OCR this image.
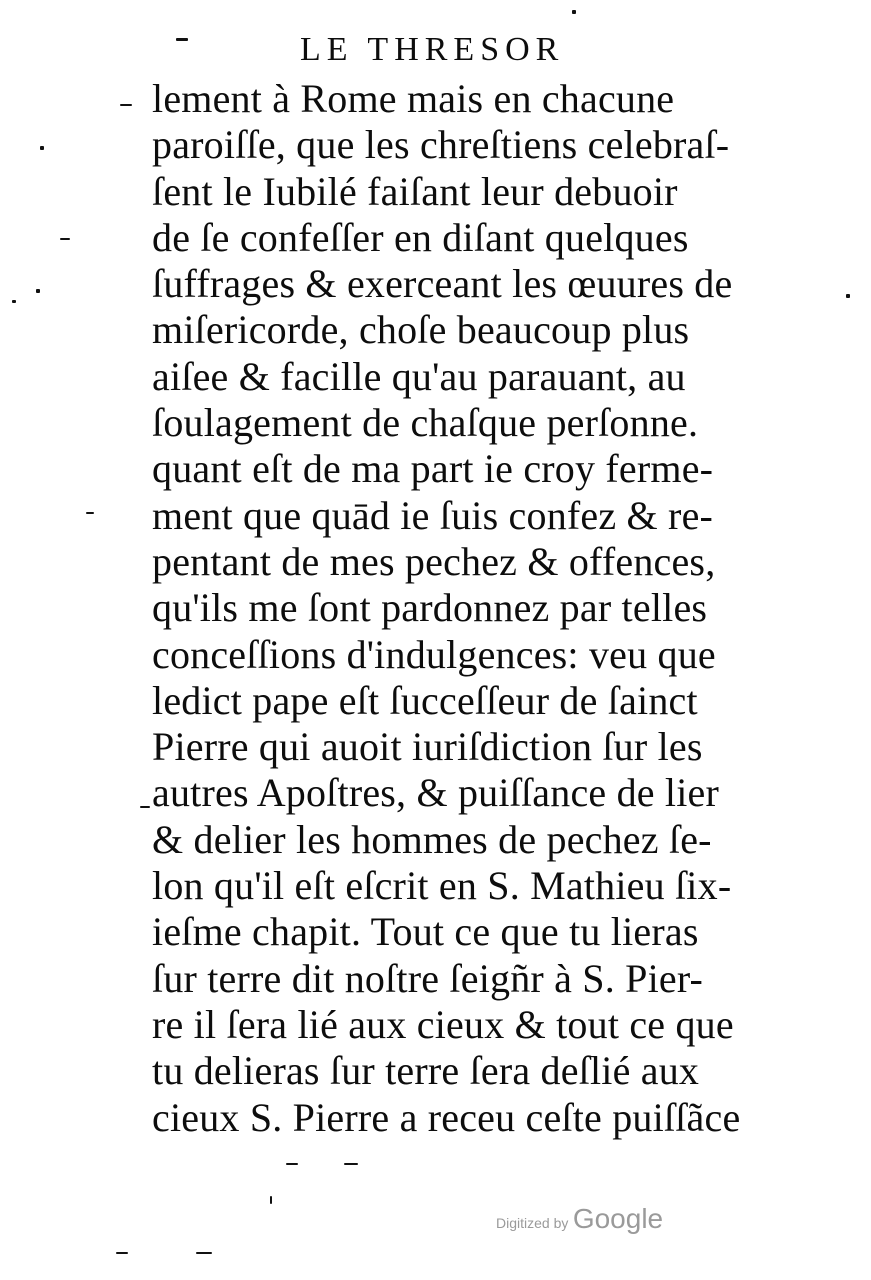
LE THRESOR
lement à Rome mais en chacune
paroiſſe, que les chreſtiens celebraſ-
ſent le Iubilé faiſant leur debuoir
de ſe confeſſer en diſant quelques
ſuffrages & exerceant les œuures de
miſericorde, choſe beaucoup plus
aiſee & facille qu'au parauant, au
ſoulagement de chaſque perſonne.
quant eſt de ma part ie croy ferme-
ment que quād ie ſuis confez & re-
pentant de mes pechez & offences,
qu'ils me ſont pardonnez par telles
conceſſions d'indulgences: veu que
ledict pape eſt ſucceſſeur de ſainct
Pierre qui auoit iuriſdiction ſur les
autres Apoſtres, & puiſſance de lier
& delier les hommes de pechez ſe-
lon qu'il eſt eſcrit en S. Mathieu ſix-
ieſme chapit. Tout ce que tu lieras
ſur terre dit noſtre ſeigñr à S. Pier-
re il ſera lié aux cieux & tout ce que
tu delieras ſur terre ſera deſlié aux
cieux S. Pierre a receu ceſte puiſſãce
Digitized by Google
